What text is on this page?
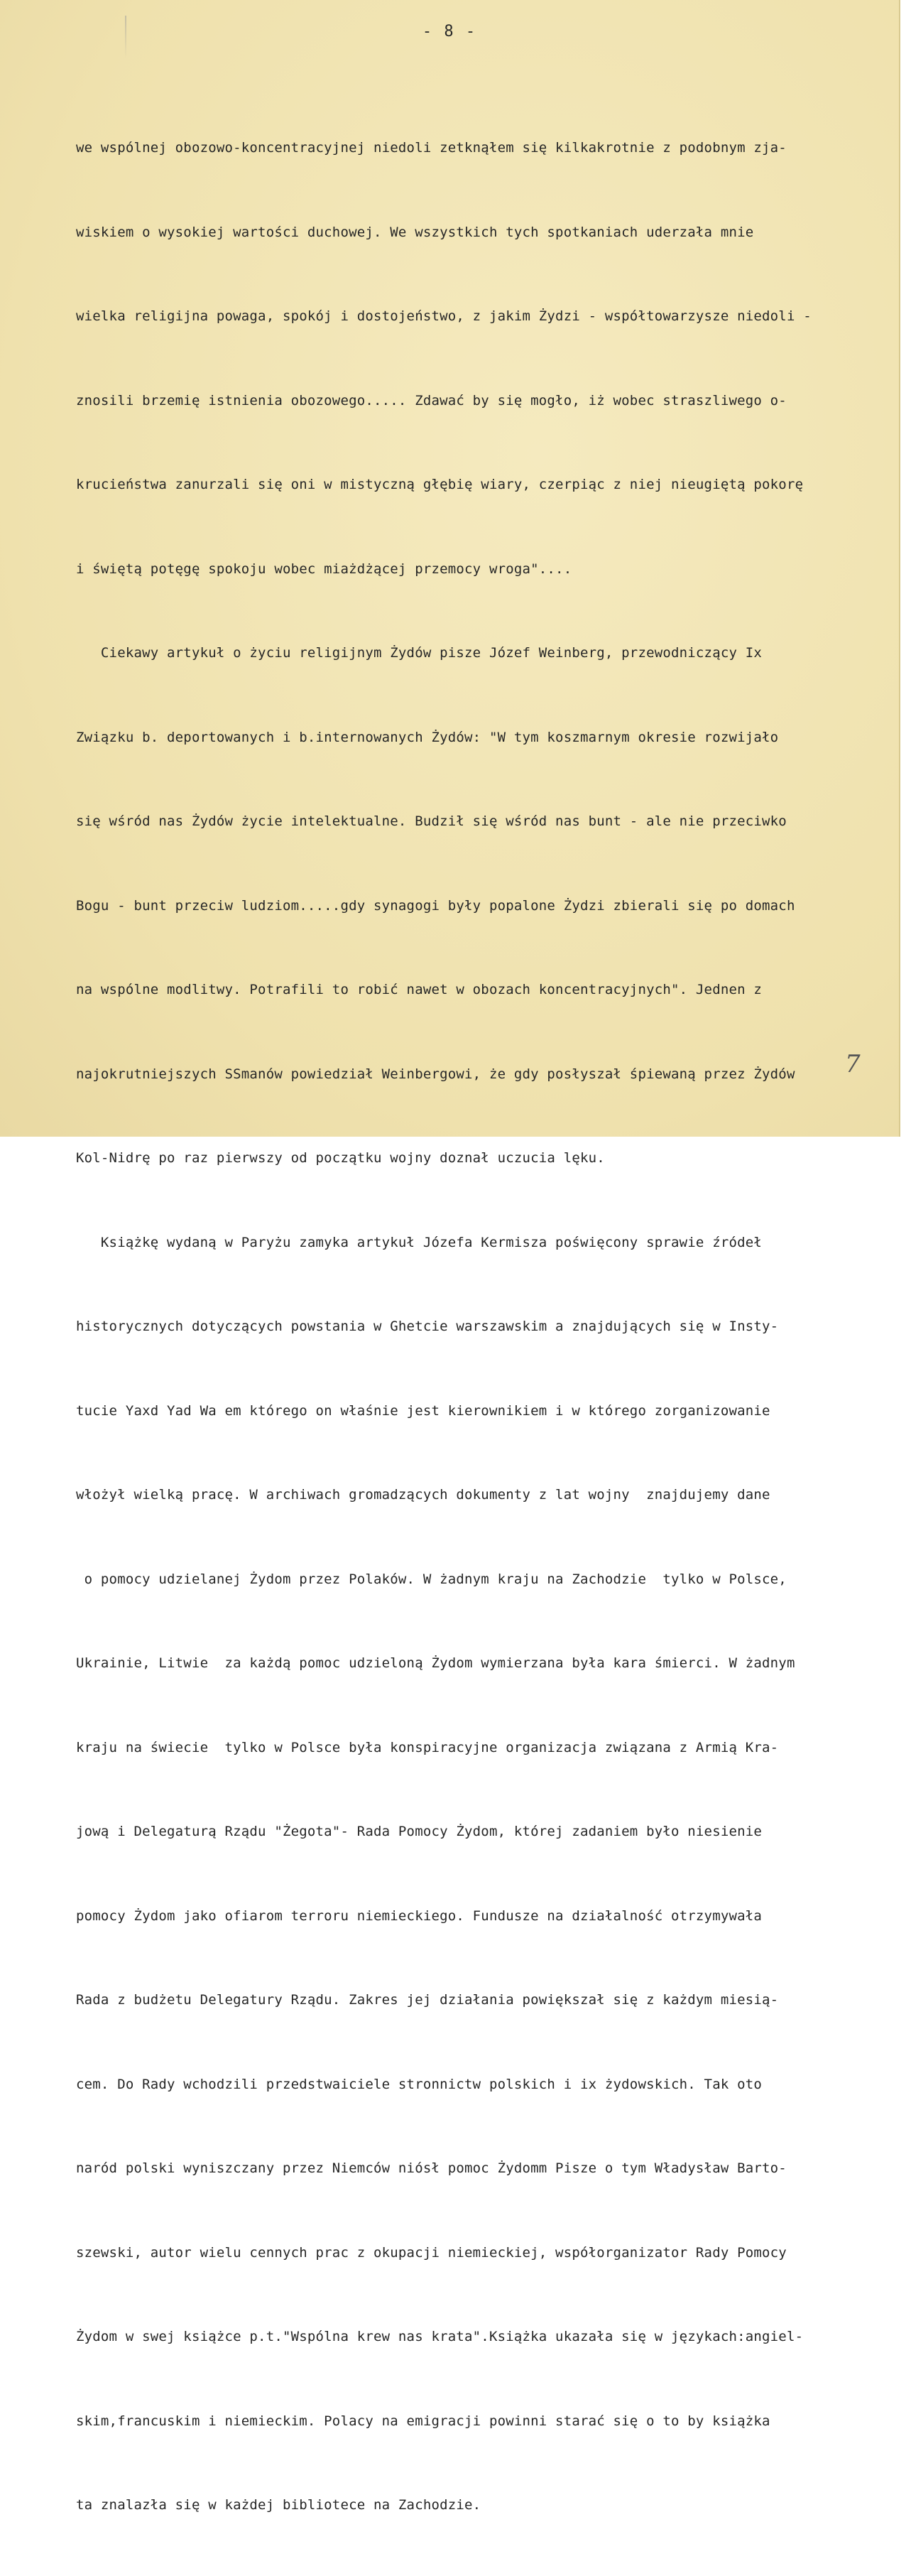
- 8 -

we wspólnej obozowo-koncentracyjnej niedoli zetknąłem się kilkakrotnie z podobnym zja-

wiskiem o wysokiej wartości duchowej. We wszystkich tych spotkaniach uderzała mnie

wielka religijna powaga, spokój i dostojeństwo, z jakim Żydzi - współtowarzysze niedoli -

znosili brzemię istnienia obozowego..... Zdawać by się mogło, iż wobec straszliwego o-

krucieństwa zanurzali się oni w mistyczną głębię wiary, czerpiąc z niej nieugiętą pokorę

i świętą potęgę spokoju wobec miażdżącej przemocy wroga"....

Ciekawy artykuł o życiu religijnym Żydów pisze Józef Weinberg, przewodniczący Ix

Związku b. deportowanych i b.internowanych Żydów: "W tym koszmarnym okresie rozwijało

się wśród nas Żydów życie intelektualne. Budził się wśród nas bunt - ale nie przeciwko

Bogu - bunt przeciw ludziom.....gdy synagogi były popalone Żydzi zbierali się po domach

na wspólne modlitwy. Potrafili to robić nawet w obozach koncentracyjnych". Jednen z

najokrutniejszych SSmanów powiedział Weinbergowi, że gdy posłyszał śpiewaną przez Żydów

Kol-Nidrę po raz pierwszy od początku wojny doznał uczucia lęku.

Książkę wydaną w Paryżu zamyka artykuł Józefa Kermisza poświęcony sprawie źródeł

historycznych dotyczących powstania w Ghetcie warszawskim a znajdujących się w Insty-

tucie Yaxd Yad Wa em którego on właśnie jest kierownikiem i w którego zorganizowanie

włożył wielką pracę. W archiwach gromadzących dokumenty z lat wojny  znajdujemy dane

o pomocy udzielanej Żydom przez Polaków. W żadnym kraju na Zachodzie  tylko w Polsce,

Ukrainie, Litwie  za każdą pomoc udzieloną Żydom wymierzana była kara śmierci. W żadnym

kraju na świecie  tylko w Polsce była konspiracyjne organizacja związana z Armią Kra-

jową i Delegaturą Rządu "Żegota"- Rada Pomocy Żydom, której zadaniem było niesienie

pomocy Żydom jako ofiarom terroru niemieckiego. Fundusze na działalność otrzymywała

Rada z budżetu Delegatury Rządu. Zakres jej działania powiększał się z każdym miesią-

cem. Do Rady wchodzili przedstwaiciele stronnictw polskich i ix żydowskich. Tak oto

naród polski wyniszczany przez Niemców niósł pomoc Żydomm Pisze o tym Władysław Barto-

szewski, autor wielu cennych prac z okupacji niemieckiej, współorganizator Rady Pomocy

Żydom w swej książce p.t."Wspólna krew nas krata".Książka ukazała się w językach:angiel-

skim,francuskim i niemieckim. Polacy na emigracji powinni starać się o to by książka

ta znalazła się w każdej bibliotece na Zachodzie.

7
